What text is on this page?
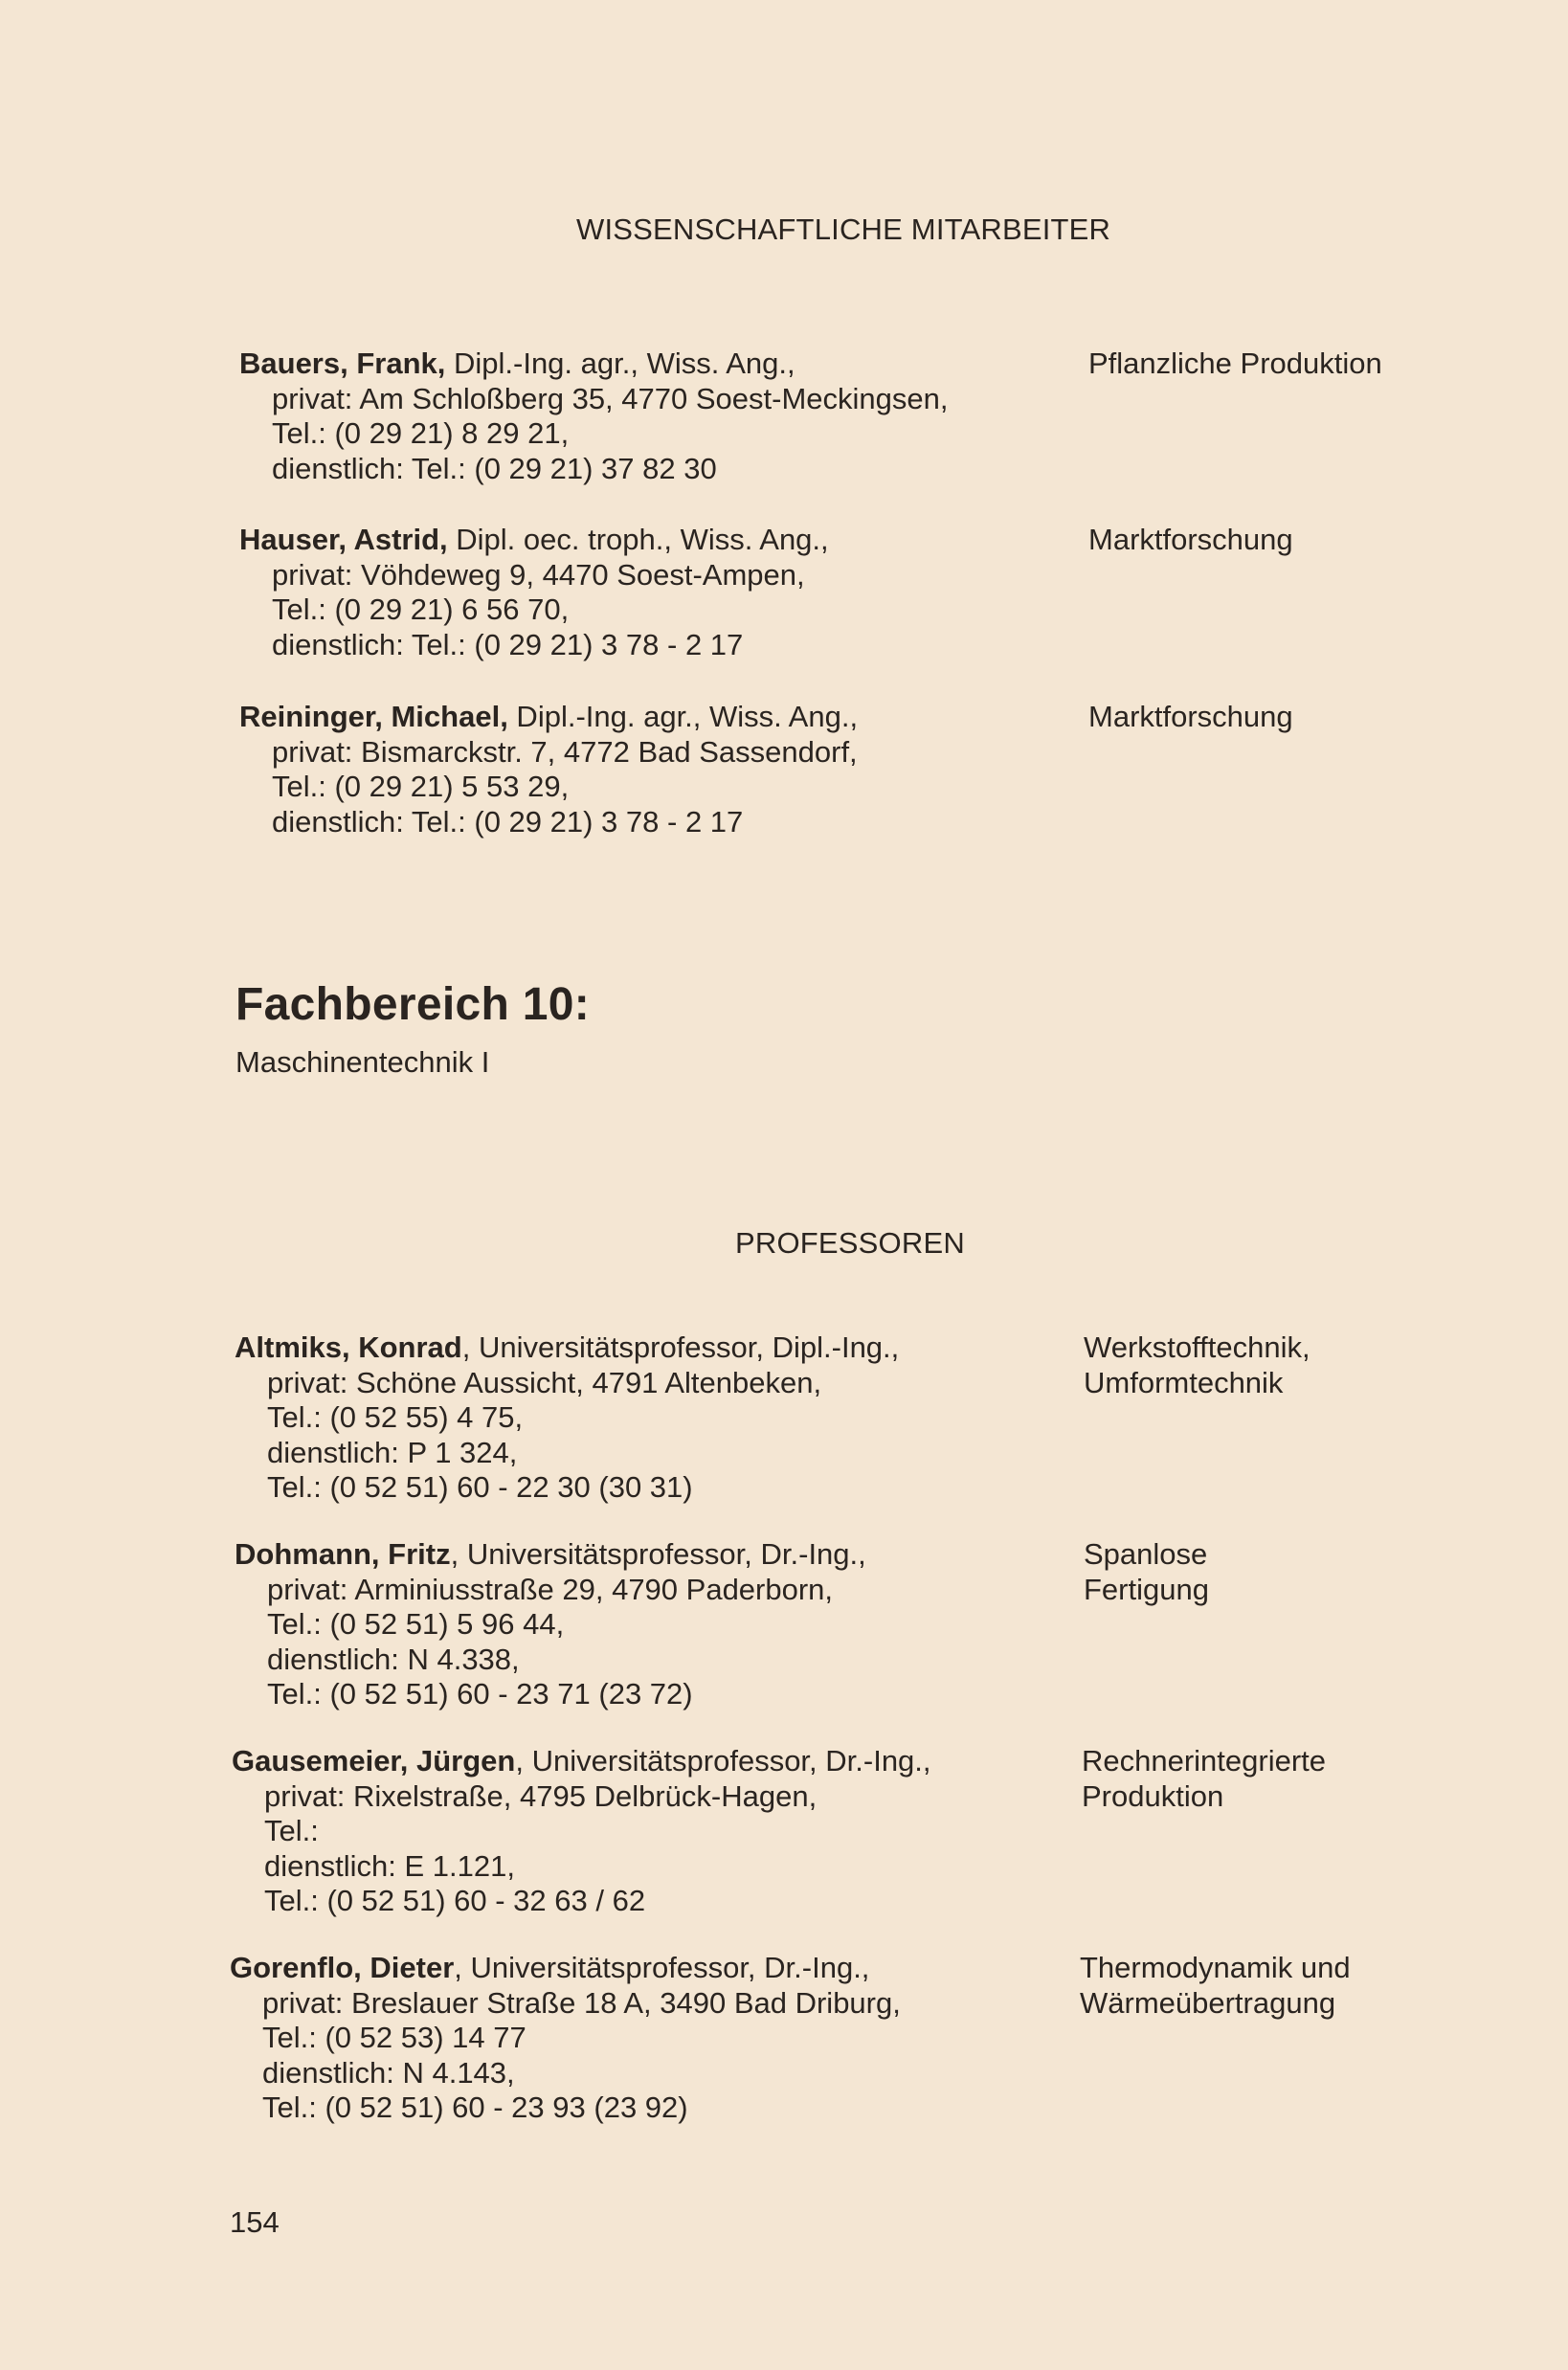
WISSENSCHAFTLICHE MITARBEITER
Bauers, Frank, Dipl.-Ing. agr., Wiss. Ang.,
privat: Am Schloßberg 35, 4770 Soest-Meckingsen,
Tel.: (0 29 21) 8 29 21,
dienstlich: Tel.: (0 29 21) 37 82 30
Pflanzliche Produktion
Hauser, Astrid, Dipl. oec. troph., Wiss. Ang.,
privat: Vöhdeweg 9, 4470 Soest-Ampen,
Tel.: (0 29 21) 6 56 70,
dienstlich: Tel.: (0 29 21) 3 78 - 2 17
Marktforschung
Reininger, Michael, Dipl.-Ing. agr., Wiss. Ang.,
privat: Bismarckstr. 7, 4772 Bad Sassendorf,
Tel.: (0 29 21) 5 53 29,
dienstlich: Tel.: (0 29 21) 3 78 - 2 17
Marktforschung
Fachbereich 10:
Maschinentechnik I
PROFESSOREN
Altmiks, Konrad, Universitätsprofessor, Dipl.-Ing.,
privat: Schöne Aussicht, 4791 Altenbeken,
Tel.: (0 52 55) 4 75,
dienstlich: P 1 324,
Tel.: (0 52 51) 60 - 22 30 (30 31)
Werkstofftechnik,
Umformtechnik
Dohmann, Fritz, Universitätsprofessor, Dr.-Ing.,
privat: Arminiusstraße 29, 4790 Paderborn,
Tel.: (0 52 51) 5 96 44,
dienstlich: N 4.338,
Tel.: (0 52 51) 60 - 23 71 (23 72)
Spanlose
Fertigung
Gausemeier, Jürgen, Universitätsprofessor, Dr.-Ing.,
privat: Rixelstraße, 4795 Delbrück-Hagen,
Tel.:
dienstlich: E 1.121,
Tel.: (0 52 51) 60 - 32 63 / 62
Rechnerintegrierte
Produktion
Gorenflo, Dieter, Universitätsprofessor, Dr.-Ing.,
privat: Breslauer Straße 18 A, 3490 Bad Driburg,
Tel.: (0 52 53) 14 77
dienstlich: N 4.143,
Tel.: (0 52 51) 60 - 23 93 (23 92)
Thermodynamik und
Wärmeübertragung
154
